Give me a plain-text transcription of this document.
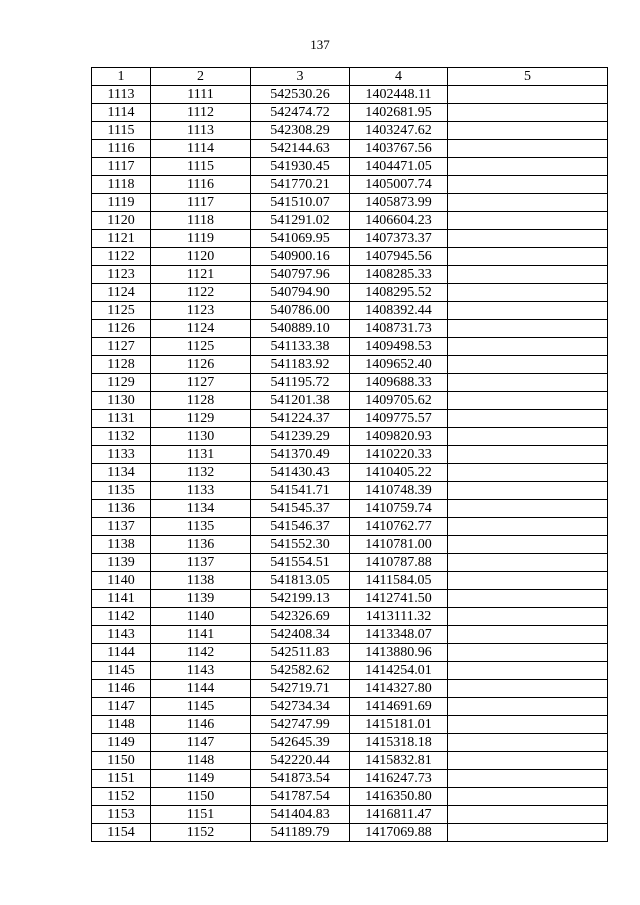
137
1	2	3	4	5
1113	1111	542530.26	1402448.11	
1114	1112	542474.72	1402681.95	
1115	1113	542308.29	1403247.62	
1116	1114	542144.63	1403767.56	
1117	1115	541930.45	1404471.05	
1118	1116	541770.21	1405007.74	
1119	1117	541510.07	1405873.99	
1120	1118	541291.02	1406604.23	
1121	1119	541069.95	1407373.37	
1122	1120	540900.16	1407945.56	
1123	1121	540797.96	1408285.33	
1124	1122	540794.90	1408295.52	
1125	1123	540786.00	1408392.44	
1126	1124	540889.10	1408731.73	
1127	1125	541133.38	1409498.53	
1128	1126	541183.92	1409652.40	
1129	1127	541195.72	1409688.33	
1130	1128	541201.38	1409705.62	
1131	1129	541224.37	1409775.57	
1132	1130	541239.29	1409820.93	
1133	1131	541370.49	1410220.33	
1134	1132	541430.43	1410405.22	
1135	1133	541541.71	1410748.39	
1136	1134	541545.37	1410759.74	
1137	1135	541546.37	1410762.77	
1138	1136	541552.30	1410781.00	
1139	1137	541554.51	1410787.88	
1140	1138	541813.05	1411584.05	
1141	1139	542199.13	1412741.50	
1142	1140	542326.69	1413111.32	
1143	1141	542408.34	1413348.07	
1144	1142	542511.83	1413880.96	
1145	1143	542582.62	1414254.01	
1146	1144	542719.71	1414327.80	
1147	1145	542734.34	1414691.69	
1148	1146	542747.99	1415181.01	
1149	1147	542645.39	1415318.18	
1150	1148	542220.44	1415832.81	
1151	1149	541873.54	1416247.73	
1152	1150	541787.54	1416350.80	
1153	1151	541404.83	1416811.47	
1154	1152	541189.79	1417069.88	
